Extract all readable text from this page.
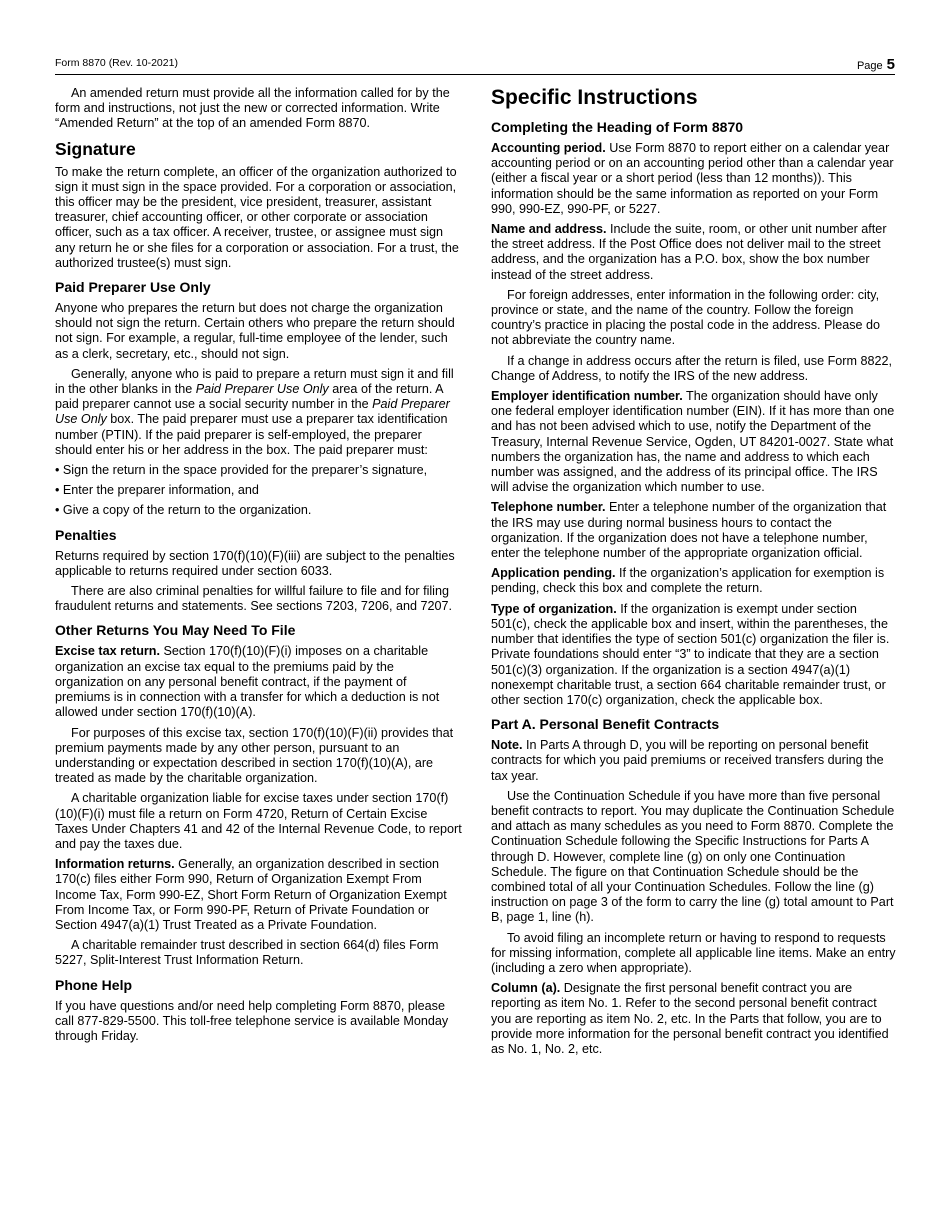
Form 8870 (Rev. 10-2021)	Page 5

An amended return must provide all the information called for by the form and instructions, not just the new or corrected information. Write “Amended Return” at the top of an amended Form 8870.

Signature

To make the return complete, an officer of the organization authorized to sign it must sign in the space provided. For a corporation or association, this officer may be the president, vice president, treasurer, assistant treasurer, chief accounting officer, or other corporate or association officer, such as a tax officer. A receiver, trustee, or assignee must sign any return he or she files for a corporation or association. For a trust, the authorized trustee(s) must sign.

Paid Preparer Use Only

Anyone who prepares the return but does not charge the organization should not sign the return. Certain others who prepare the return should not sign. For example, a regular, full-time employee of the lender, such as a clerk, secretary, etc., should not sign.

Generally, anyone who is paid to prepare a return must sign it and fill in the other blanks in the Paid Preparer Use Only area of the return. A paid preparer cannot use a social security number in the Paid Preparer Use Only box. The paid preparer must use a preparer tax identification number (PTIN). If the paid preparer is self-employed, the preparer should enter his or her address in the box. The paid preparer must:

• Sign the return in the space provided for the preparer’s signature,

• Enter the preparer information, and

• Give a copy of the return to the organization.

Penalties

Returns required by section 170(f)(10)(F)(iii) are subject to the penalties applicable to returns required under section 6033.

There are also criminal penalties for willful failure to file and for filing fraudulent returns and statements. See sections 7203, 7206, and 7207.

Other Returns You May Need To File

Excise tax return. Section 170(f)(10)(F)(i) imposes on a charitable organization an excise tax equal to the premiums paid by the organization on any personal benefit contract, if the payment of premiums is in connection with a transfer for which a deduction is not allowed under section 170(f)(10)(A).

For purposes of this excise tax, section 170(f)(10)(F)(ii) provides that premium payments made by any other person, pursuant to an understanding or expectation described in section 170(f)(10)(A), are treated as made by the charitable organization.

A charitable organization liable for excise taxes under section 170(f)(10)(F)(i) must file a return on Form 4720, Return of Certain Excise Taxes Under Chapters 41 and 42 of the Internal Revenue Code, to report and pay the taxes due.

Information returns. Generally, an organization described in section 170(c) files either Form 990, Return of Organization Exempt From Income Tax, Form 990-EZ, Short Form Return of Organization Exempt From Income Tax, or Form 990-PF, Return of Private Foundation or Section 4947(a)(1) Trust Treated as a Private Foundation.

A charitable remainder trust described in section 664(d) files Form 5227, Split-Interest Trust Information Return.

Phone Help

If you have questions and/or need help completing Form 8870, please call 877-829-5500. This toll-free telephone service is available Monday through Friday.

Specific Instructions
Completing the Heading of Form 8870

Accounting period. Use Form 8870 to report either on a calendar year accounting period or on an accounting period other than a calendar year (either a fiscal year or a short period (less than 12 months)). This information should be the same information as reported on your Form 990, 990-EZ, 990-PF, or 5227.

Name and address. Include the suite, room, or other unit number after the street address. If the Post Office does not deliver mail to the street address, and the organization has a P.O. box, show the box number instead of the street address.

For foreign addresses, enter information in the following order: city, province or state, and the name of the country. Follow the foreign country’s practice in placing the postal code in the address. Please do not abbreviate the country name.

If a change in address occurs after the return is filed, use Form 8822, Change of Address, to notify the IRS of the new address.

Employer identification number. The organization should have only one federal employer identification number (EIN). If it has more than one and has not been advised which to use, notify the Department of the Treasury, Internal Revenue Service, Ogden, UT 84201-0027. State what numbers the organization has, the name and address to which each number was assigned, and the address of its principal office. The IRS will advise the organization which number to use.

Telephone number. Enter a telephone number of the organization that the IRS may use during normal business hours to contact the organization. If the organization does not have a telephone number, enter the telephone number of the appropriate organization official.

Application pending. If the organization’s application for exemption is pending, check this box and complete the return.

Type of organization. If the organization is exempt under section 501(c), check the applicable box and insert, within the parentheses, the number that identifies the type of section 501(c) organization the filer is. Private foundations should enter “3” to indicate that they are a section 501(c)(3) organization. If the organization is a section 4947(a)(1) nonexempt charitable trust, a section 664 charitable remainder trust, or other section 170(c) organization, check the applicable box.

Part A. Personal Benefit Contracts

Note. In Parts A through D, you will be reporting on personal benefit contracts for which you paid premiums or received transfers during the tax year.

Use the Continuation Schedule if you have more than five personal benefit contracts to report. You may duplicate the Continuation Schedule and attach as many schedules as you need to Form 8870. Complete the Continuation Schedule following the Specific Instructions for Parts A through D. However, complete line (g) on only one Continuation Schedule. The figure on that Continuation Schedule should be the combined total of all your Continuation Schedules. Follow the line (g) instruction on page 3 of the form to carry the line (g) total amount to Part B, page 1, line (h).

To avoid filing an incomplete return or having to respond to requests for missing information, complete all applicable line items. Make an entry (including a zero when appropriate).

Column (a). Designate the first personal benefit contract you are reporting as item No. 1. Refer to the second personal benefit contract you are reporting as item No. 2, etc. In the Parts that follow, you are to provide more information for the personal benefit contract you identified as No. 1, No. 2, etc.
